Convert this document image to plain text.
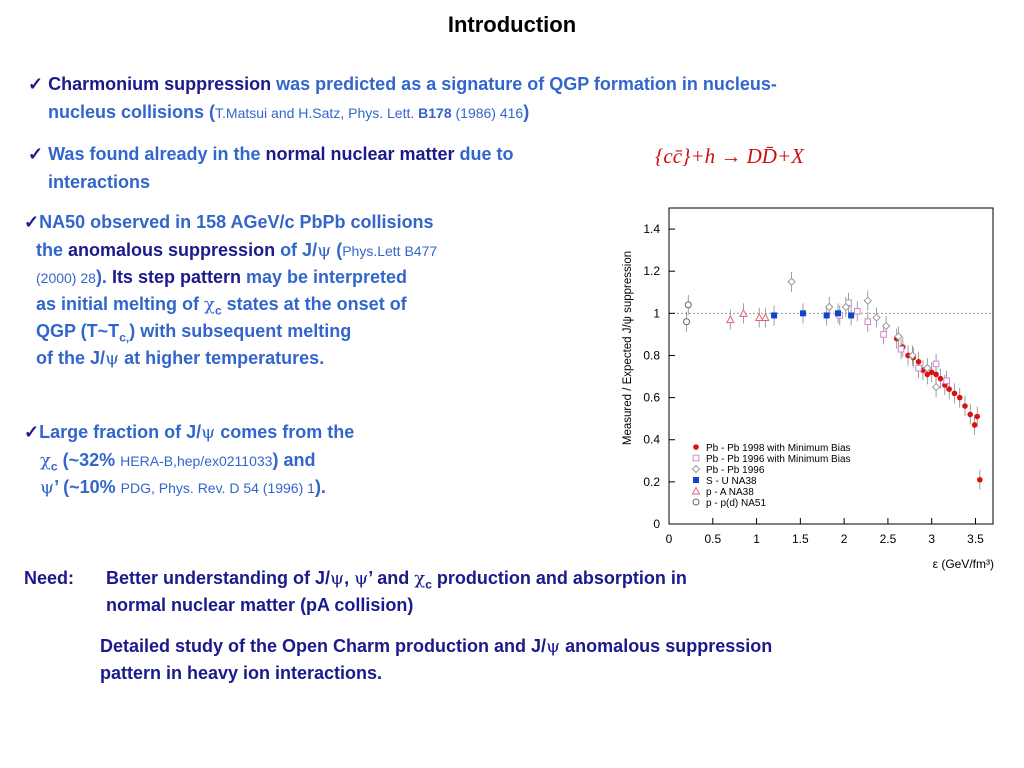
Introduction
✓ Charmonium suppression was predicted as a signature of QGP formation in nucleus-
nucleus collisions (T.Matsui and H.Satz, Phys. Lett. B178 (1986) 416)
✓ Was found already in the normal nuclear matter due to
interactions
{cc̄}+h → DD̄+X
✓NA50 observed in 158 AGeV/c PbPb collisions
the anomalous suppression of J/ψ (Phys.Lett B477
(2000) 28). Its step pattern may be interpreted
as initial melting of $\chi_c$ states at the onset of
QGP $(T\sim T_{c,})$ with subsequent melting
of the J/ψ at higher temperatures.
✓Large fraction of J/ψ comes from the
$\chi_c$ (~32% HERA-B,hep/ex0211033) and
ψ’ (~10% PDG, Phys. Rev. D 54 (1996) 1).
Need: Better understanding of J/ψ, ψ’ and $\chi_c$ production and absorption in
normal nuclear matter (pA collision)
Detailed study of the Open Charm production and J/ψ anomalous suppression
pattern in heavy ion interactions.
0	0.5	1	1.5	2	2.5	3	3.5
0
0.2
0.4
0.6
0.8
1
1.2
1.4
Pb - Pb 1998 with Minimum Bias
Pb - Pb 1996 with Minimum Bias
Pb - Pb 1996
S - U NA38
p - A NA38
p - p(d) NA51
Measured / Expected J/ψ suppression
ε (GeV/fm³)
